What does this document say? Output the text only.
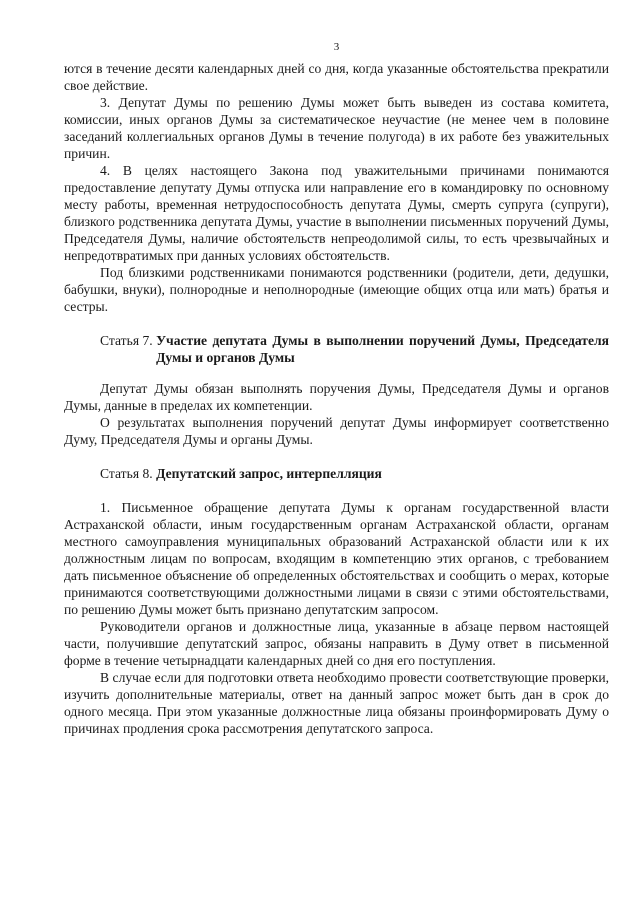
3

ются в течение десяти календарных дней со дня, когда указанные обстоятельства прекратили свое действие.

3. Депутат Думы по решению Думы может быть выведен из состава комитета, комиссии, иных органов Думы за систематическое неучастие (не менее чем в половине заседаний коллегиальных органов Думы в течение полугода) в их работе без уважительных причин.

4. В целях настоящего Закона под уважительными причинами понимаются предоставление депутату Думы отпуска или направление его в командировку по основному месту работы, временная нетрудоспособность депутата Думы, смерть супруга (супруги), близкого родственника депутата Думы, участие в выполнении письменных поручений Думы, Председателя Думы, наличие обстоятельств непреодолимой силы, то есть чрезвычайных и непредотвратимых при данных условиях обстоятельств.

Под близкими родственниками понимаются родственники (родители, дети, дедушки, бабушки, внуки), полнородные и неполнородные (имеющие общих отца или мать) братья и сестры.

Статья 7. Участие депутата Думы в выполнении поручений Думы, Председателя Думы и органов Думы

Депутат Думы обязан выполнять поручения Думы, Председателя Думы и органов Думы, данные в пределах их компетенции.

О результатах выполнения поручений депутат Думы информирует соответственно Думу, Председателя Думы и органы Думы.

Статья 8. Депутатский запрос, интерпелляция

1. Письменное обращение депутата Думы к органам государственной власти Астраханской области, иным государственным органам Астраханской области, органам местного самоуправления муниципальных образований Астраханской области или к их должностным лицам по вопросам, входящим в компетенцию этих органов, с требованием дать письменное объяснение об определенных обстоятельствах и сообщить о мерах, которые принимаются соответствующими должностными лицами в связи с этими обстоятельствами, по решению Думы может быть признано депутатским запросом.

Руководители органов и должностные лица, указанные в абзаце первом настоящей части, получившие депутатский запрос, обязаны направить в Думу ответ в письменной форме в течение четырнадцати календарных дней со дня его поступления.

В случае если для подготовки ответа необходимо провести соответствующие проверки, изучить дополнительные материалы, ответ на данный запрос может быть дан в срок до одного месяца. При этом указанные должностные лица обязаны проинформировать Думу о причинах продления срока рассмотрения депутатского запроса.
